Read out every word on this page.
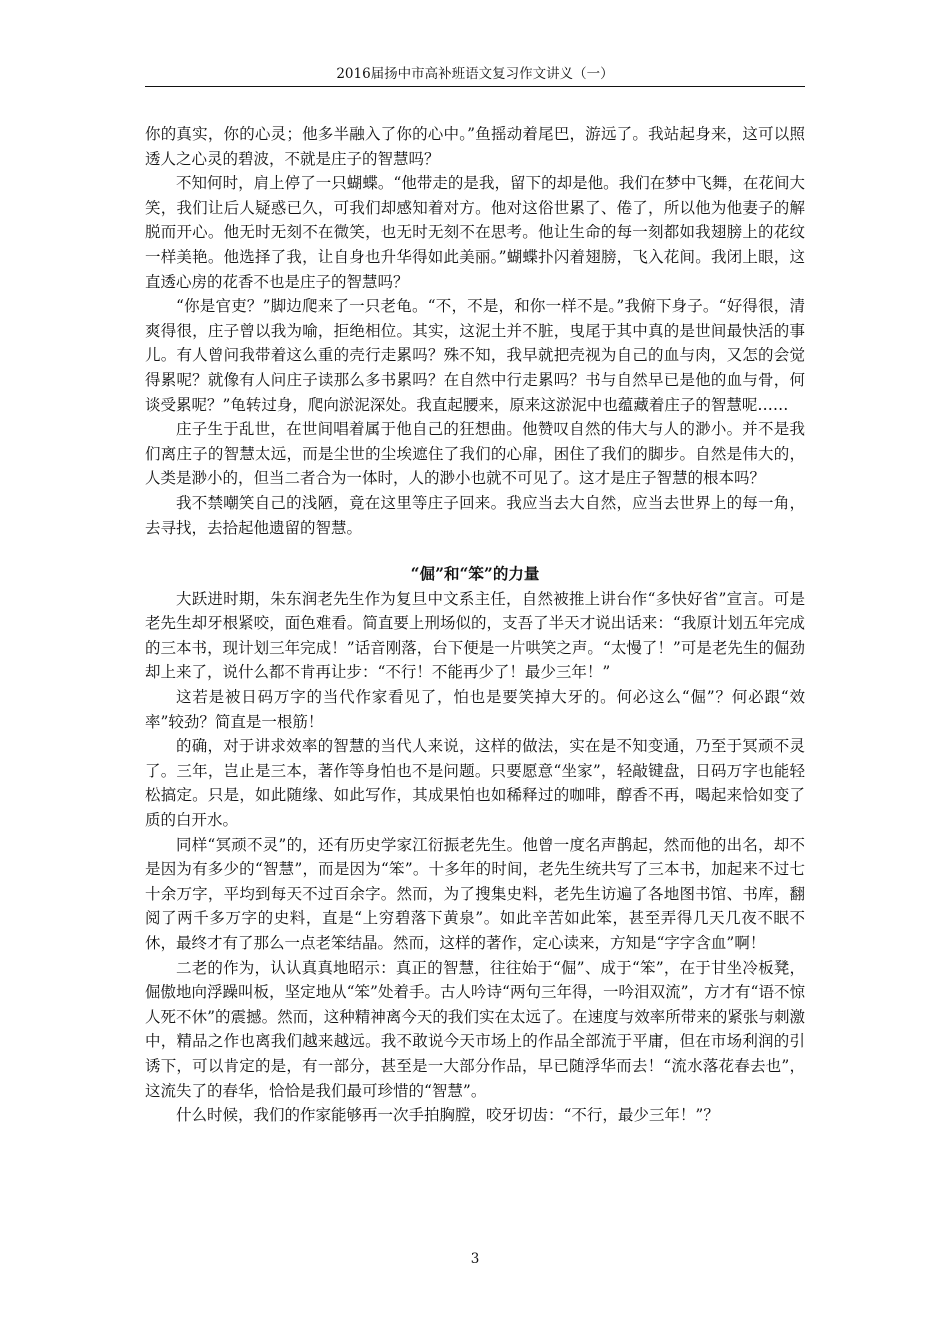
2016届扬中市高补班语文复习作文讲义（一）

你的真实，你的心灵；他多半融入了你的心中。”鱼摇动着尾巴，游远了。我站起身来，这可以照透人之心灵的碧波，不就是庄子的智慧吗？

不知何时，肩上停了一只蝴蝶。“他带走的是我，留下的却是他。我们在梦中飞舞，在花间大笑，我们让后人疑惑已久，可我们却感知着对方。他对这俗世累了、倦了，所以他为他妻子的解脱而开心。他无时无刻不在微笑，也无时无刻不在思考。他让生命的每一刻都如我翅膀上的花纹一样美艳。他选择了我，让自身也升华得如此美丽。”蝴蝶扑闪着翅膀，飞入花间。我闭上眼，这直透心房的花香不也是庄子的智慧吗？

“你是官吏？”脚边爬来了一只老龟。“不，不是，和你一样不是。”我俯下身子。“好得很，清爽得很，庄子曾以我为喻，拒绝相位。其实，这泥土并不脏，曳尾于其中真的是世间最快活的事儿。有人曾问我带着这么重的壳行走累吗？殊不知，我早就把壳视为自己的血与肉，又怎的会觉得累呢？就像有人问庄子读那么多书累吗？在自然中行走累吗？书与自然早已是他的血与骨，何谈受累呢？”龟转过身，爬向淤泥深处。我直起腰来，原来这淤泥中也蕴藏着庄子的智慧呢……

庄子生于乱世，在世间唱着属于他自己的狂想曲。他赞叹自然的伟大与人的渺小。并不是我们离庄子的智慧太远，而是尘世的尘埃遮住了我们的心扉，困住了我们的脚步。自然是伟大的，人类是渺小的，但当二者合为一体时，人的渺小也就不可见了。这才是庄子智慧的根本吗？

我不禁嘲笑自己的浅陋，竟在这里等庄子回来。我应当去大自然，应当去世界上的每一角，去寻找，去拾起他遗留的智慧。

“倔”和“笨”的力量

大跃进时期，朱东润老先生作为复旦中文系主任，自然被推上讲台作“多快好省”宣言。可是老先生却牙根紧咬，面色难看。简直要上刑场似的，支吾了半天才说出话来：“我原计划五年完成的三本书，现计划三年完成！”话音刚落，台下便是一片哄笑之声。“太慢了！”可是老先生的倔劲却上来了，说什么都不肯再让步：“不行！不能再少了！最少三年！”

这若是被日码万字的当代作家看见了，怕也是要笑掉大牙的。何必这么“倔”？何必跟“效率”较劲？简直是一根筋！

的确，对于讲求效率的智慧的当代人来说，这样的做法，实在是不知变通，乃至于冥顽不灵了。三年，岂止是三本，著作等身怕也不是问题。只要愿意“坐家”，轻敲键盘，日码万字也能轻松搞定。只是，如此随缘、如此写作，其成果怕也如稀释过的咖啡，醇香不再，喝起来恰如变了质的白开水。

同样“冥顽不灵”的，还有历史学家江衍振老先生。他曾一度名声鹊起，然而他的出名，却不是因为有多少的“智慧”，而是因为“笨”。十多年的时间，老先生统共写了三本书，加起来不过七十余万字，平均到每天不过百余字。然而，为了搜集史料，老先生访遍了各地图书馆、书库，翻阅了两千多万字的史料，直是“上穷碧落下黄泉”。如此辛苦如此笨，甚至弄得几天几夜不眠不休，最终才有了那么一点老笨结晶。然而，这样的著作，定心读来，方知是“字字含血”啊！

二老的作为，认认真真地昭示：真正的智慧，往往始于“倔”、成于“笨”，在于甘坐冷板凳，倔傲地向浮躁叫板，坚定地从“笨”处着手。古人吟诗“两句三年得，一吟泪双流”，方才有“语不惊人死不休”的震撼。然而，这种精神离今天的我们实在太远了。在速度与效率所带来的紧张与刺激中，精品之作也离我们越来越远。我不敢说今天市场上的作品全部流于平庸，但在市场利润的引诱下，可以肯定的是，有一部分，甚至是一大部分作品，早已随浮华而去！“流水落花春去也”，这流失了的春华，恰恰是我们最可珍惜的“智慧”。

什么时候，我们的作家能够再一次手拍胸膛，咬牙切齿：“不行，最少三年！”？

3
